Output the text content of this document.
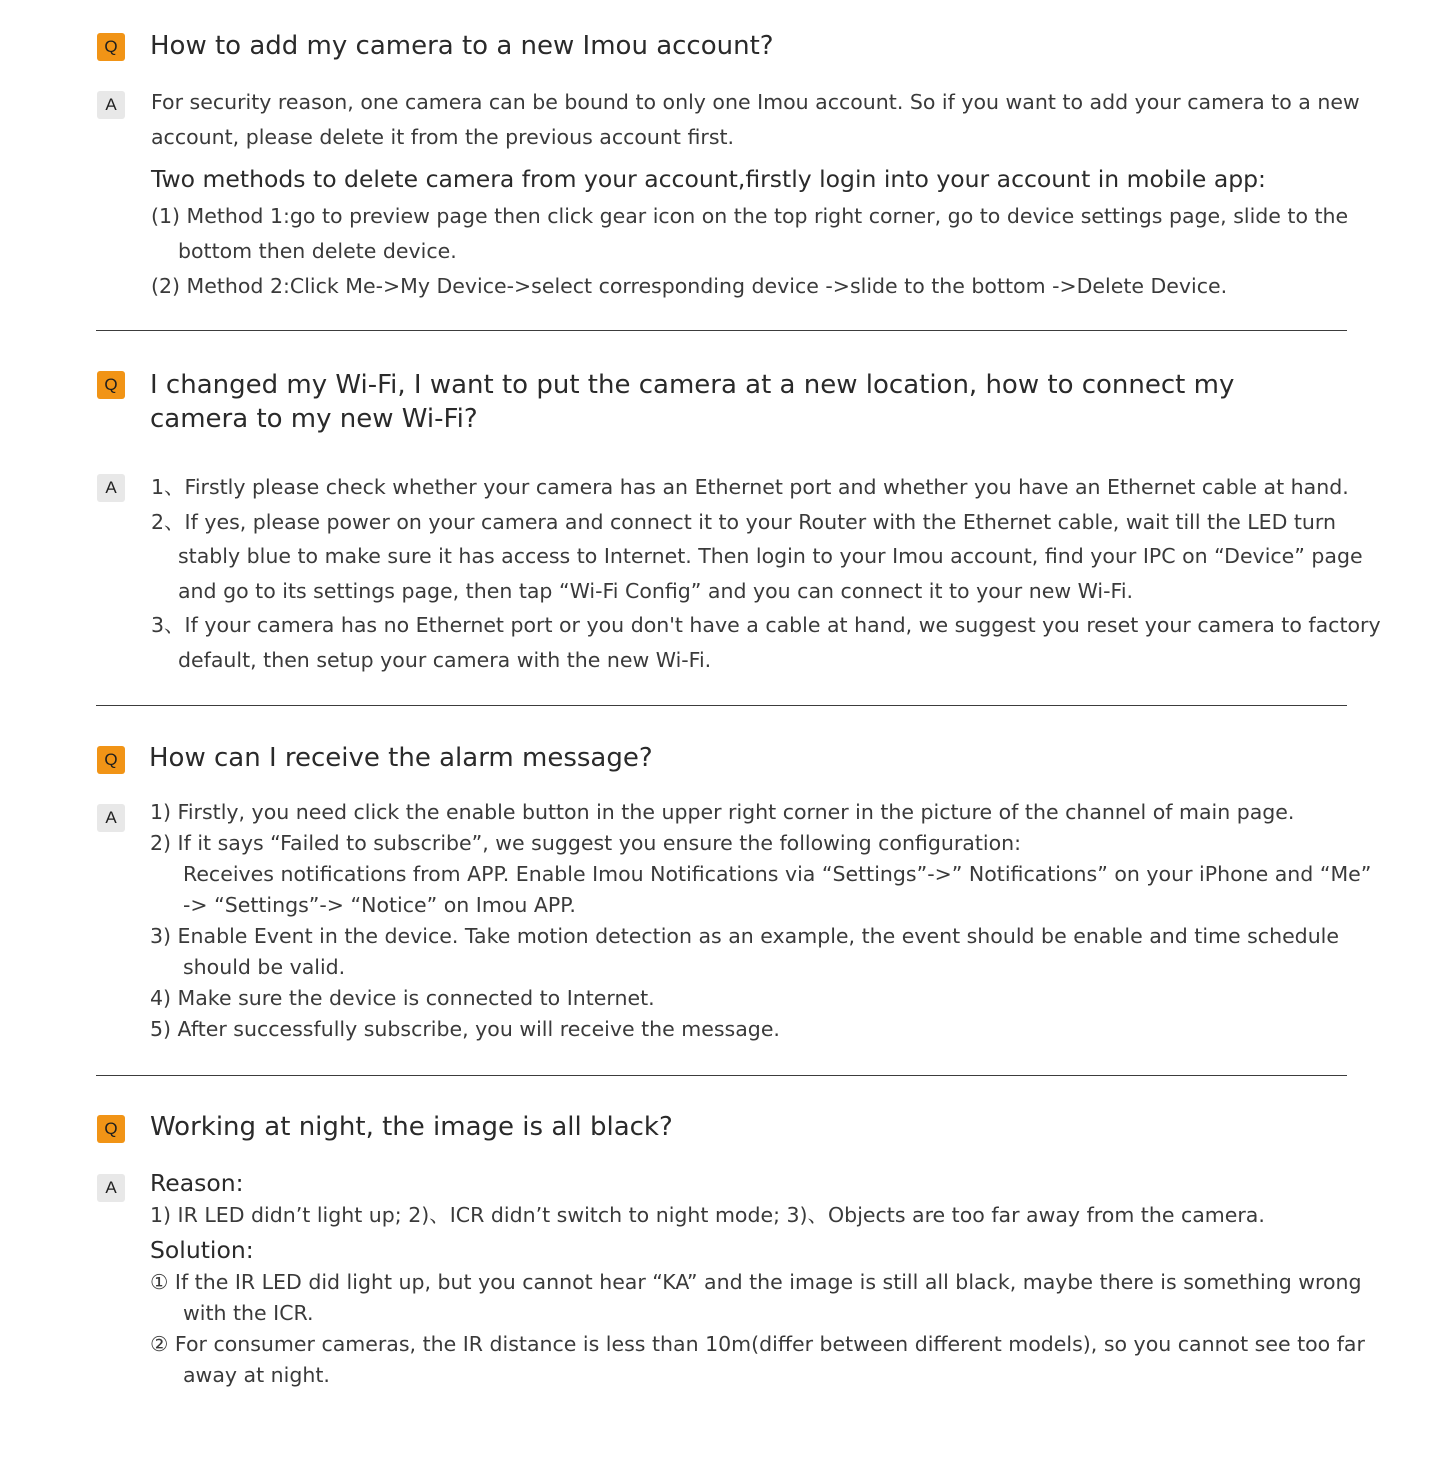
Q How to add my camera to a new Imou account?
A	For security reason, one camera can be bound to only one Imou account. So if you want to add your camera to a new
account, please delete it from the previous account first.
Two methods to delete camera from your account,firstly login into your account in mobile app:
(1) Method 1:go to preview page then click gear icon on the top right corner, go to device settings page, slide to the
bottom then delete device.
(2) Method 2:Click Me->My Device->select corresponding device ->slide to the bottom ->Delete Device.
Q I changed my Wi-Fi, I want to put the camera at a new location, how to connect my camera to my new Wi-Fi?
A	1、Firstly please check whether your camera has an Ethernet port and whether you have an Ethernet cable at hand.
2、If yes, please power on your camera and connect it to your Router with the Ethernet cable, wait till the LED turn
stably blue to make sure it has access to Internet. Then login to your Imou account, find your IPC on “Device” page
and go to its settings page, then tap “Wi-Fi Config” and you can connect it to your new Wi-Fi.
3、If your camera has no Ethernet port or you don't have a cable at hand, we suggest you reset your camera to factory
default, then setup your camera with the new Wi-Fi.
Q How can I receive the alarm message?
A	1) Firstly, you need click the enable button in the upper right corner in the picture of the channel of main page.
2) If it says “Failed to subscribe”, we suggest you ensure the following configuration:
Receives notifications from APP. Enable Imou Notifications via “Settings”->” Notifications” on your iPhone and “Me”
-> “Settings”-> “Notice” on Imou APP.
3) Enable Event in the device. Take motion detection as an example, the event should be enable and time schedule
should be valid.
4) Make sure the device is connected to Internet.
5) After successfully subscribe, you will receive the message.
Q Working at night, the image is all black?
A	Reason:
1) IR LED didn’t light up; 2)、ICR didn’t switch to night mode; 3)、Objects are too far away from the camera.
Solution:
① If the IR LED did light up, but you cannot hear “KA” and the image is still all black, maybe there is something wrong
with the ICR.
② For consumer cameras, the IR distance is less than 10m(differ between different models), so you cannot see too far
away at night.
